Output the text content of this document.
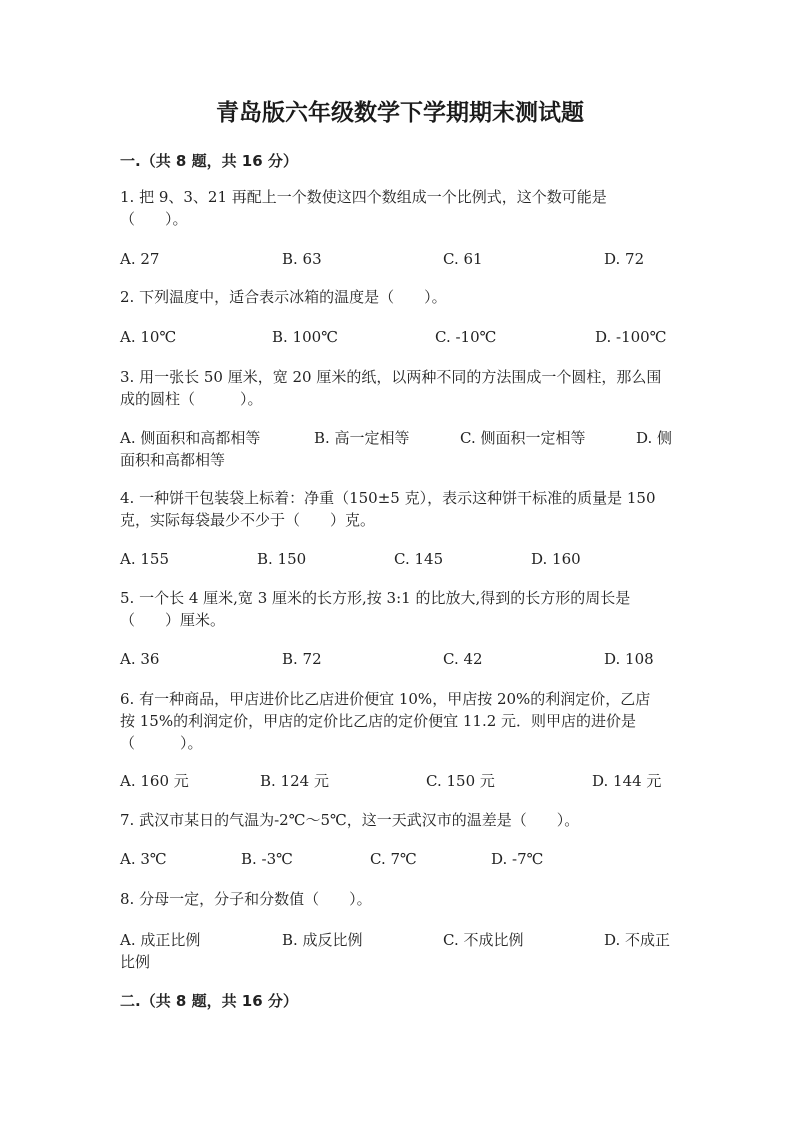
青岛版六年级数学下学期期末测试题
一.（共 8 题，共 16 分）

1. 把 9、3、21 再配上一个数使这四个数组成一个比例式，这个数可能是（　　）。

A. 27	B. 63	C. 61	D. 72

2. 下列温度中，适合表示冰箱的温度是（　　）。

A. 10℃	B. 100℃	C. -10℃	D. -100℃

3. 用一张长 50 厘米，宽 20 厘米的纸，以两种不同的方法围成一个圆柱，那么围成的圆柱（　　　）。

A. 侧面积和高都相等	B. 高一定相等	C. 侧面积一定相等	D. 侧
面积和高都相等

4. 一种饼干包装袋上标着：净重（150±5 克），表示这种饼干标准的质量是 150 克，实际每袋最少不少于（　　）克。

A. 155	B. 150	C. 145	D. 160

5. 一个长 4 厘米,宽 3 厘米的长方形,按 3:1 的比放大,得到的长方形的周长是（　　）厘米。

A. 36	B. 72	C. 42	D. 108

6. 有一种商品，甲店进价比乙店进价便宜 10%，甲店按 20%的利润定价，乙店按 15%的利润定价，甲店的定价比乙店的定价便宜 11.2 元．则甲店的进价是（　　　）。

A. 160 元	B. 124 元	C. 150 元	D. 144 元

7. 武汉市某日的气温为-2℃～5℃，这一天武汉市的温差是（　　）。

A. 3℃	B. -3℃	C. 7℃	D. -7℃

8. 分母一定，分子和分数值（　　）。

A. 成正比例	B. 成反比例	C. 不成比例	D. 不成正
比例
二.（共 8 题，共 16 分）
